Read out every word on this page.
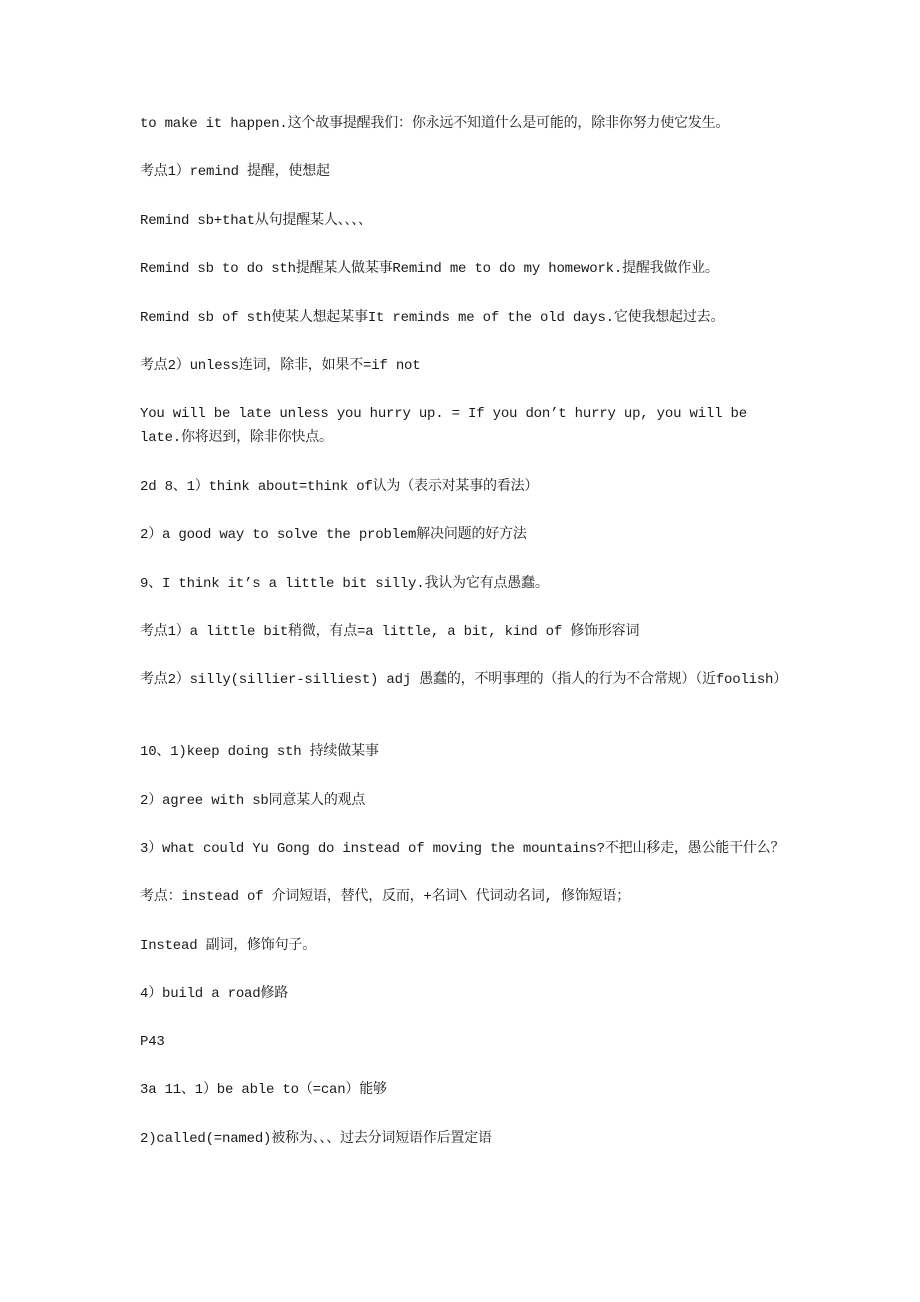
to make it happen.这个故事提醒我们：你永远不知道什么是可能的，除非你努力使它发生。

考点1）remind 提醒，使想起

Remind sb+that从句提醒某人、、、、

Remind sb to do sth提醒某人做某事Remind me to do my homework.提醒我做作业。

Remind sb of sth使某人想起某事It reminds me of the old days.它使我想起过去。

考点2）unless连词，除非，如果不=if not

You will be late unless you hurry up. = If you don’t hurry up, you will be late.你将迟到，除非你快点。

2d 8、1）think about=think of认为（表示对某事的看法）

2）a good way to solve the problem解决问题的好方法

9、I think it’s a little bit silly.我认为它有点愚蠢。

考点1）a little bit稍微，有点=a little, a bit, kind of 修饰形容词

考点2）silly(sillier-silliest) adj 愚蠢的，不明事理的（指人的行为不合常规）（近foolish）

10、1)keep doing sth 持续做某事

2）agree with sb同意某人的观点

3）what could Yu Gong do instead of moving the mountains?不把山移走，愚公能干什么？

考点：instead of 介词短语，替代，反而，+名词\ 代词动名词, 修饰短语；

Instead 副词，修饰句子。

4）build a road修路

P43

3a 11、1）be able to（=can）能够

2)called(=named)被称为、、、过去分词短语作后置定语
